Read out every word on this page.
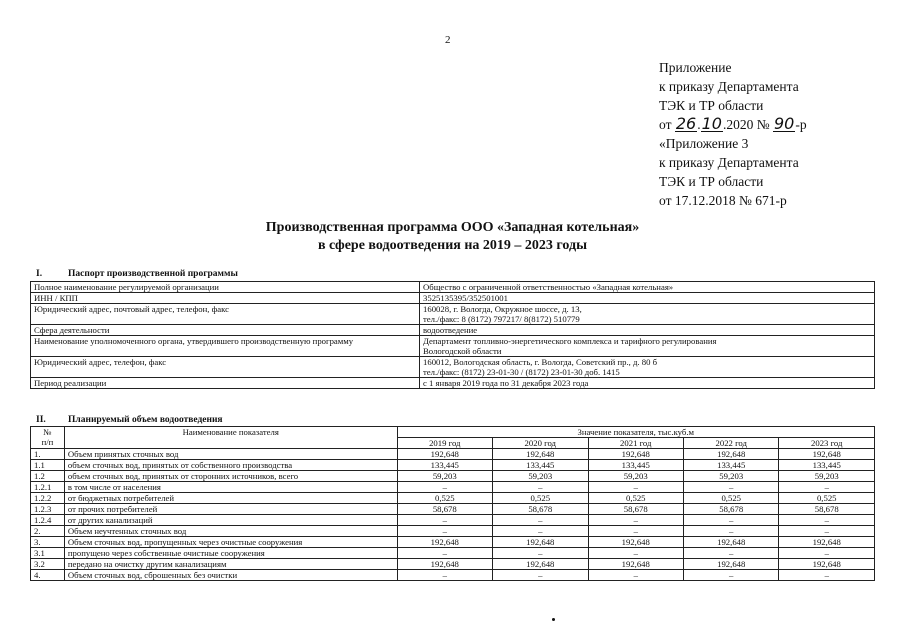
2
Приложение
к приказу Департамента
ТЭК и ТР области
от 26.10.2020 № 90-р
«Приложение 3
к приказу Департамента
ТЭК и ТР области
от 17.12.2018 № 671-р
Производственная программа ООО «Западная котельная»
в сфере водоотведения на 2019 – 2023 годы
I.	Паспорт производственной программы
Полное наименование регулируемой организации	Общество с ограниченной ответственностью «Западная котельная»

ИНН / КПП	3525135395/352501001

Юридический адрес, почтовый адрес, телефон, факс	160028, г. Вологда, Окружное шоссе, д. 13,
тел./факс: 8 (8172) 797217/ 8(8172) 510779

Сфера деятельности	водоотведение

Наименование уполномоченного органа, утвердившего производственную программу	Департамент топливно-энергетического комплекса и тарифного регулирования
Вологодской области

Юридический адрес, телефон, факс	160012, Вологодская область, г. Вологда, Советский пр., д. 80 б
тел./факс: (8172) 23-01-30 / (8172) 23-01-30 доб. 1415

Период реализации	с 1 января 2019 года по 31 декабря 2023 года
II. Планируемый объем водоотведения
№
п/п	Наименование показателя	Значение показателя, тыс.куб.м				
		2019 год	2020 год	2021 год	2022 год	2023 год
1.	Объем принятых сточных вод	192,648	192,648	192,648	192,648	192,648
1.1	объем сточных вод, принятых от собственного производства	133,445	133,445	133,445	133,445	133,445
1.2	объем сточных вод, принятых от сторонних источников, всего	59,203	59,203	59,203	59,203	59,203
1.2.1	в том числе от населения	–	–	–	–	–
1.2.2	от бюджетных потребителей	0,525	0,525	0,525	0,525	0,525
1.2.3	от прочих потребителей	58,678	58,678	58,678	58,678	58,678
1.2.4	от других канализаций	–	–	–	–	–
2.	Объем неучтенных сточных вод	–	–	–	–	–
3.	Объем сточных вод, пропущенных через очистные сооружения	192,648	192,648	192,648	192,648	192,648
3.1	пропущено через собственные очистные сооружения	–	–	–	–	–
3.2	передано на очистку другим канализациям	192,648	192,648	192,648	192,648	192,648
4.	Объем сточных вод, сброшенных без очистки	–	–	–	–	–
